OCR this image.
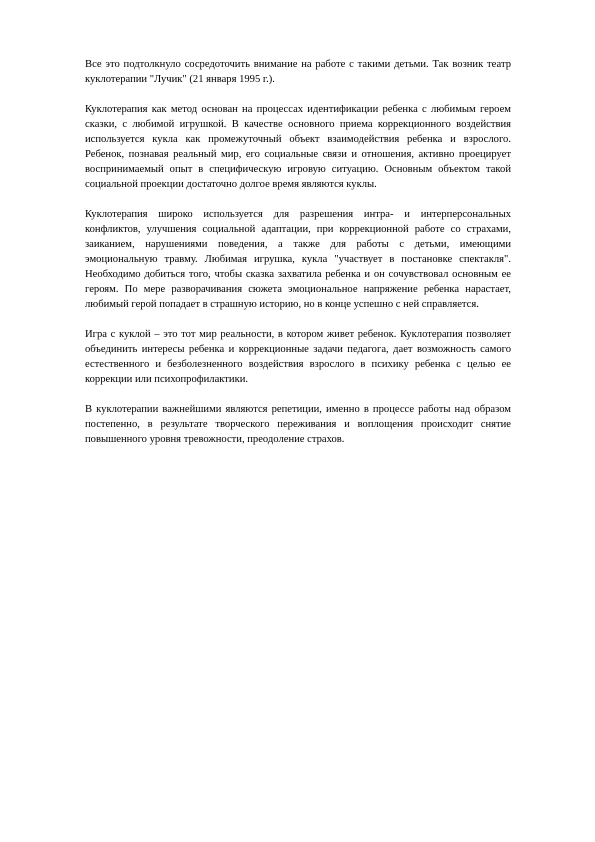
Все это подтолкнуло сосредоточить внимание на работе с такими детьми. Так возник театр куклотерапии "Лучик" (21 января 1995 г.).

Куклотерапия как метод основан на процессах идентификации ребенка с любимым героем сказки, с любимой игрушкой. В качестве основного приема коррекционного воздействия используется кукла как промежуточный объект взаимодействия ребенка и взрослого. Ребенок, познавая реальный мир, его социальные связи и отношения, активно проецирует воспринимаемый опыт в специфическую игровую ситуацию. Основным объектом такой социальной проекции достаточно долгое время являются куклы.

Куклотерапия широко используется для разрешения интра- и интерперсональных конфликтов, улучшения социальной адаптации, при коррекционной работе со страхами, заиканием, нарушениями поведения, а также для работы с детьми, имеющими эмоциональную травму. Любимая игрушка, кукла "участвует в постановке спектакля". Необходимо добиться того, чтобы сказка захватила ребенка и он сочувствовал основным ее героям. По мере разворачивания сюжета эмоциональное напряжение ребенка нарастает, любимый герой попадает в страшную историю, но в конце успешно с ней справляется.

Игра с куклой – это тот мир реальности, в котором живет ребенок. Куклотерапия позволяет объединить интересы ребенка и коррекционные задачи педагога, дает возможность самого естественного и безболезненного воздействия взрослого в психику ребенка с целью ее коррекции или психопрофилактики.

В куклотерапии важнейшими являются репетиции, именно в процессе работы над образом постепенно, в результате творческого переживания и воплощения происходит снятие повышенного уровня тревожности, преодоление страхов.
